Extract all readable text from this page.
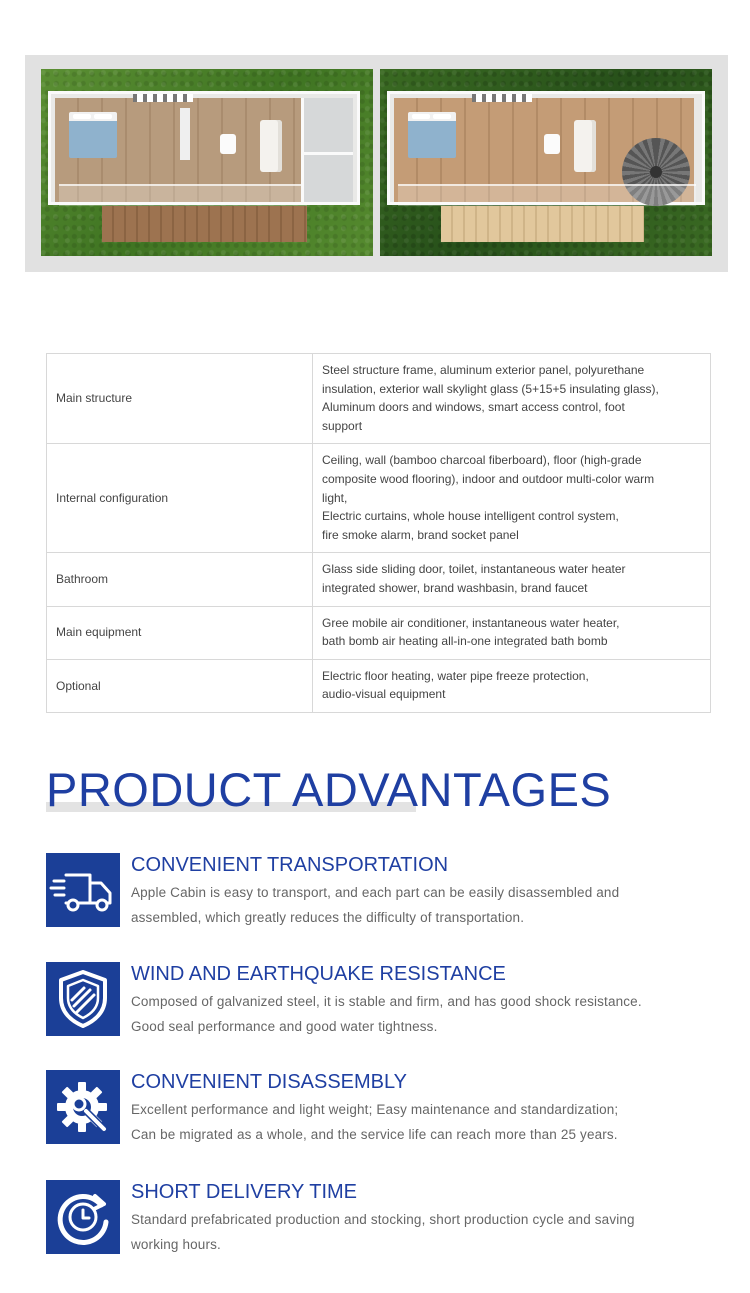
Main structure	Steel structure frame, aluminum exterior panel, polyurethane
insulation, exterior wall skylight glass (5+15+5 insulating glass),
Aluminum doors and windows, smart access control, foot
support

Internal configuration	Ceiling, wall (bamboo charcoal fiberboard), floor (high-grade
composite wood flooring), indoor and outdoor multi-color warm
light,
Electric curtains, whole house intelligent control system,
fire smoke alarm, brand socket panel

Bathroom	Glass side sliding door, toilet, instantaneous water heater
integrated shower, brand washbasin, brand faucet

Main equipment	Gree mobile air conditioner, instantaneous water heater,
bath bomb air heating all-in-one integrated bath bomb

Optional	Electric floor heating, water pipe freeze protection,
audio-visual equipment
PRODUCT ADVANTAGES
CONVENIENT TRANSPORTATION
Apple Cabin is easy to transport, and each part can be easily disassembled and
assembled, which greatly reduces the difficulty of transportation.
WIND AND EARTHQUAKE RESISTANCE
Composed of galvanized steel, it is stable and firm, and has good shock resistance.
Good seal performance and good water tightness.
CONVENIENT DISASSEMBLY
Excellent performance and light weight; Easy maintenance and standardization;
Can be migrated as a whole, and the service life can reach more than 25 years.
SHORT DELIVERY TIME
Standard prefabricated production and stocking, short production cycle and saving
working hours.
